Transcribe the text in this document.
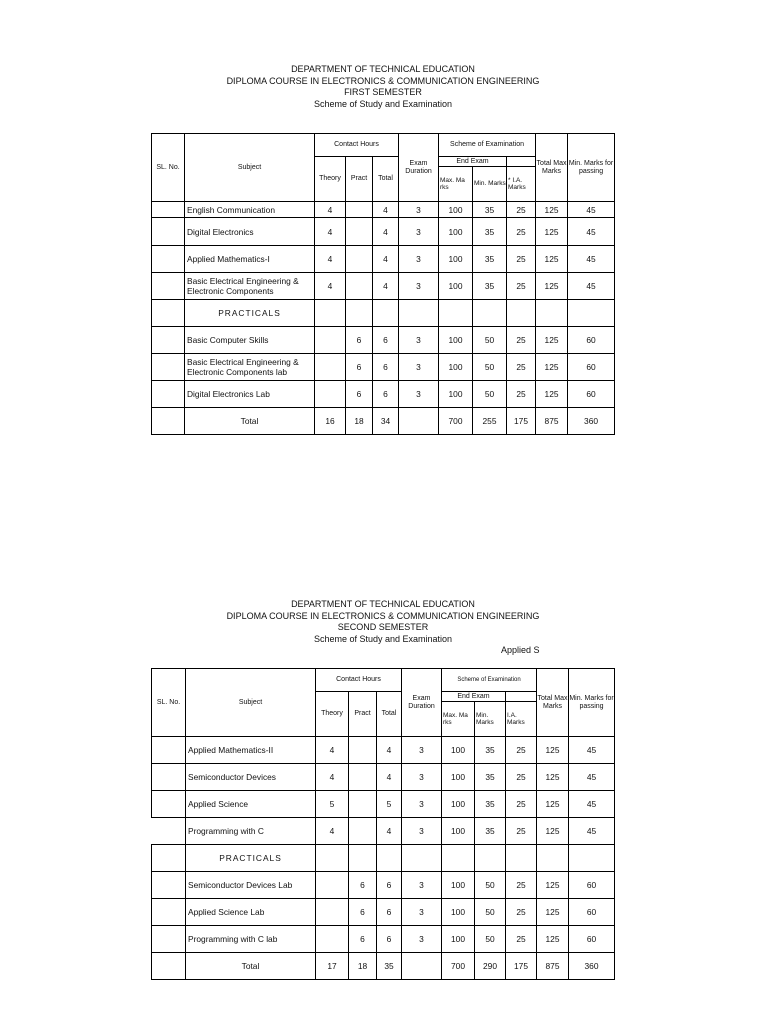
DEPARTMENT OF TECHNICAL EDUCATION
DIPLOMA COURSE IN ELECTRONICS & COMMUNICATION ENGINEERING
FIRST SEMESTER
Scheme of Study and Examination
SL. No.	Subject	Contact Hours			Exam Duration	Scheme of Examination			Total Max Marks	Min. Marks for passing
		Theory	Pract	Total		End Exam				
						Max. Ma rks	Min. Marks	* I.A. Marks		
	English Communication	4		4	3	100	35	25	125	45
	Digital Electronics	4		4	3	100	35	25	125	45
	Applied Mathematics-I	4		4	3	100	35	25	125	45
	Basic Electrical Engineering & Electronic Components	4		4	3	100	35	25	125	45
	PRACTICALS									
	Basic Computer Skills		6	6	3	100	50	25	125	60
	Basic Electrical Engineering & Electronic Components lab		6	6	3	100	50	25	125	60
	Digital Electronics Lab		6	6	3	100	50	25	125	60
	Total	16	18	34		700	255	175	875	360
DEPARTMENT OF TECHNICAL EDUCATION
DIPLOMA COURSE IN ELECTRONICS & COMMUNICATION ENGINEERING
SECOND SEMESTER
Scheme of Study and Examination
Applied S
SL. No.	Subject	Contact Hours			Exam Duration	Scheme of Examination			Total Max Marks	Min. Marks for passing
		Theory	Pract	Total		End Exam				
						Max. Ma rks	Min. Marks	I.A. Marks		
	Applied Mathematics-II	4		4	3	100	35	25	125	45
	Semiconductor Devices	4		4	3	100	35	25	125	45
	Applied Science	5		5	3	100	35	25	125	45
	Programming with C	4		4	3	100	35	25	125	45
	PRACTICALS									
	Semiconductor Devices Lab		6	6	3	100	50	25	125	60
	Applied Science Lab		6	6	3	100	50	25	125	60
	Programming with C lab		6	6	3	100	50	25	125	60
	Total	17	18	35		700	290	175	875	360
